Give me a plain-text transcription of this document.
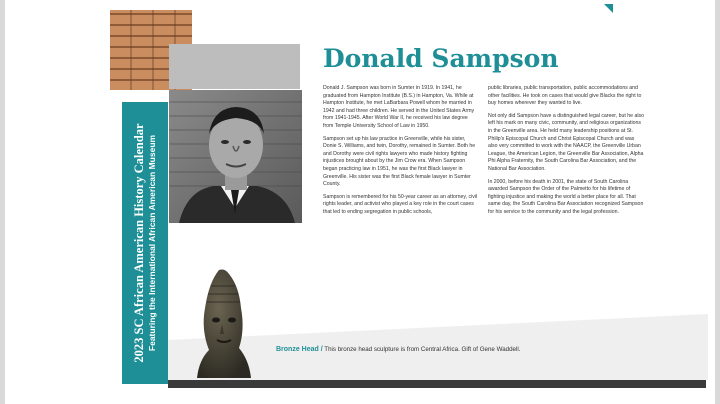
2023 SC African American History Calendar Featuring the International African American Museum
Donald Sampson

Donald J. Sampson was born in Sumter in 1919. In 1941, he graduated from Hampton Institute (B.S.) in Hampton, Va. While at Hampton Institute, he met LaBarbara Powell whom he married in 1942 and had three children. He served in the United States Army from 1941-1945. After World War II, he received his law degree from Temple University School of Law in 1950.

Sampson set up his law practice in Greenville, while his sister, Donie S. Williams, and twin, Dorothy, remained in Sumter. Both he and Dorothy were civil rights lawyers who made history fighting injustices brought about by the Jim Crow era. When Sampson began practicing law in 1951, he was the first Black lawyer in Greenville. His sister was the first Black female lawyer in Sumter County.

Sampson is remembered for his 50-year career as an attorney, civil rights leader, and activist who played a key role in the court cases that led to ending segregation in public schools,

public libraries, public transportation, public accommodations and other facilities. He took on cases that would give Blacks the right to buy homes wherever they wanted to live.

Not only did Sampson have a distinguished legal career, but he also left his mark on many civic, community, and religious organizations in the Greenville area. He held many leadership positions at St. Philip's Episcopal Church and Christ Episcopal Church and was also very committed to work with the NAACP, the Greenville Urban League, the American Legion, the Greenville Bar Association, Alpha Phi Alpha Fraternity, the South Carolina Bar Association, and the National Bar Association.

In 2000, before his death in 2001, the state of South Carolina awarded Sampson the Order of the Palmetto for his lifetime of fighting injustice and making the world a better place for all. That same day, the South Carolina Bar Association recognized Sampson for his service to the community and the legal profession.

Bronze Head / This bronze head sculpture is from Central Africa. Gift of Gene Waddell.
